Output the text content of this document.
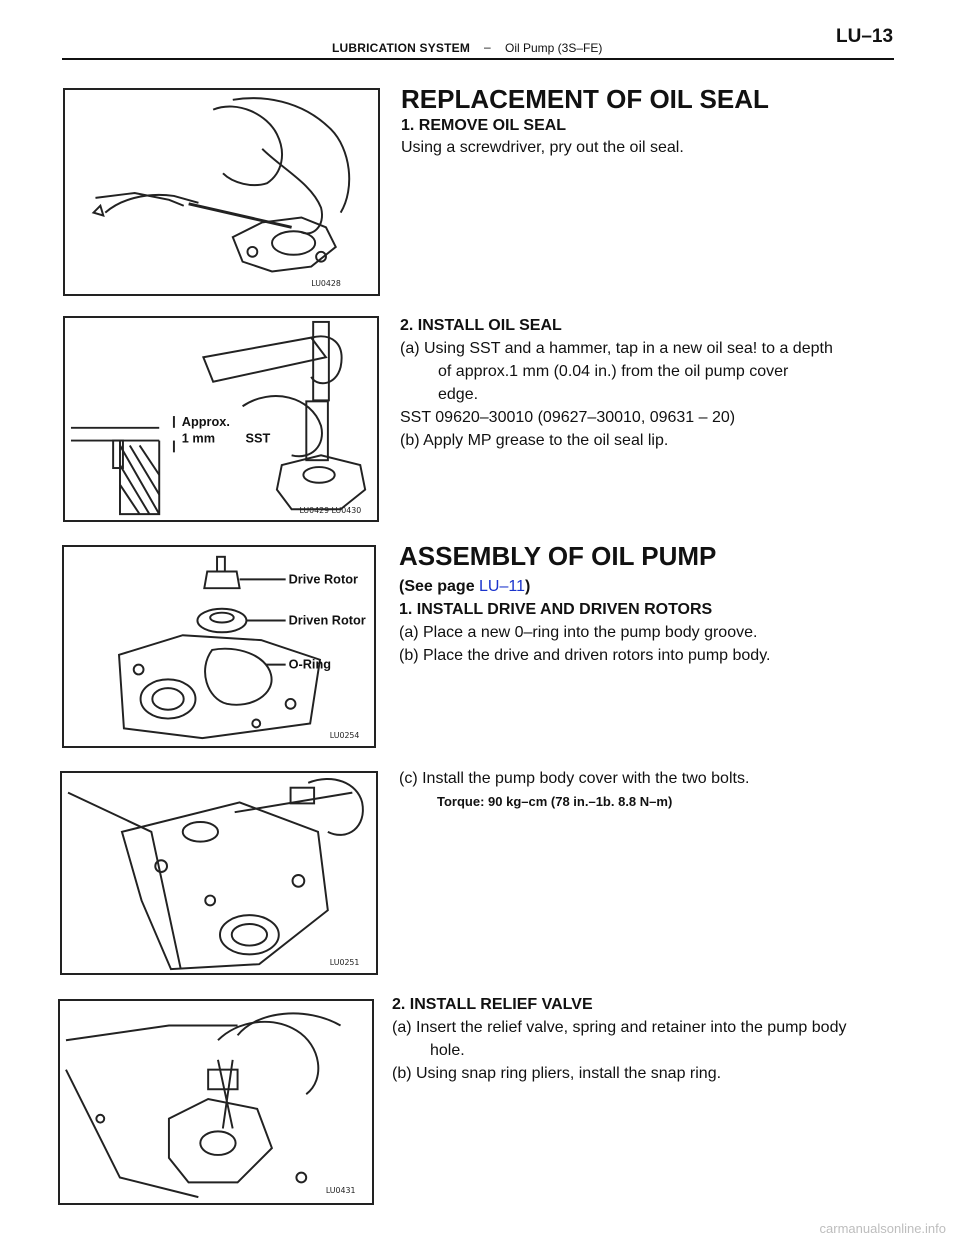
LUBRICATION SYSTEM – Oil Pump (3S–FE)
LU–13
LU0428
REPLACEMENT OF OIL SEAL
1. REMOVE OIL SEAL
Using a screwdriver, pry out the oil seal.
Approx.
1 mm SST
LU0429 LU0430
2. INSTALL OIL SEAL
(a) Using SST and a hammer, tap in a new oil sea! to a depth
of approx.1 mm (0.04 in.) from the oil pump cover
edge.
SST 09620–30010 (09627–30010, 09631 – 20)
(b) Apply MP grease to the oil seal lip.
Drive Rotor
Driven Rotor
O-Ring
LU0254
ASSEMBLY OF OIL PUMP
(See page LU–11)
1. INSTALL DRIVE AND DRIVEN ROTORS
(a) Place a new 0–ring into the pump body groove.
(b) Place the drive and driven rotors into pump body.
LU0251
(c) Install the pump body cover with the two bolts.
Torque: 90 kg–cm (78 in.–1b. 8.8 N–m)
LU0431
2. INSTALL RELIEF VALVE
(a) Insert the relief valve, spring and retainer into the pump body
hole.
(b) Using snap ring pliers, install the snap ring.
carmanualsonline.info
